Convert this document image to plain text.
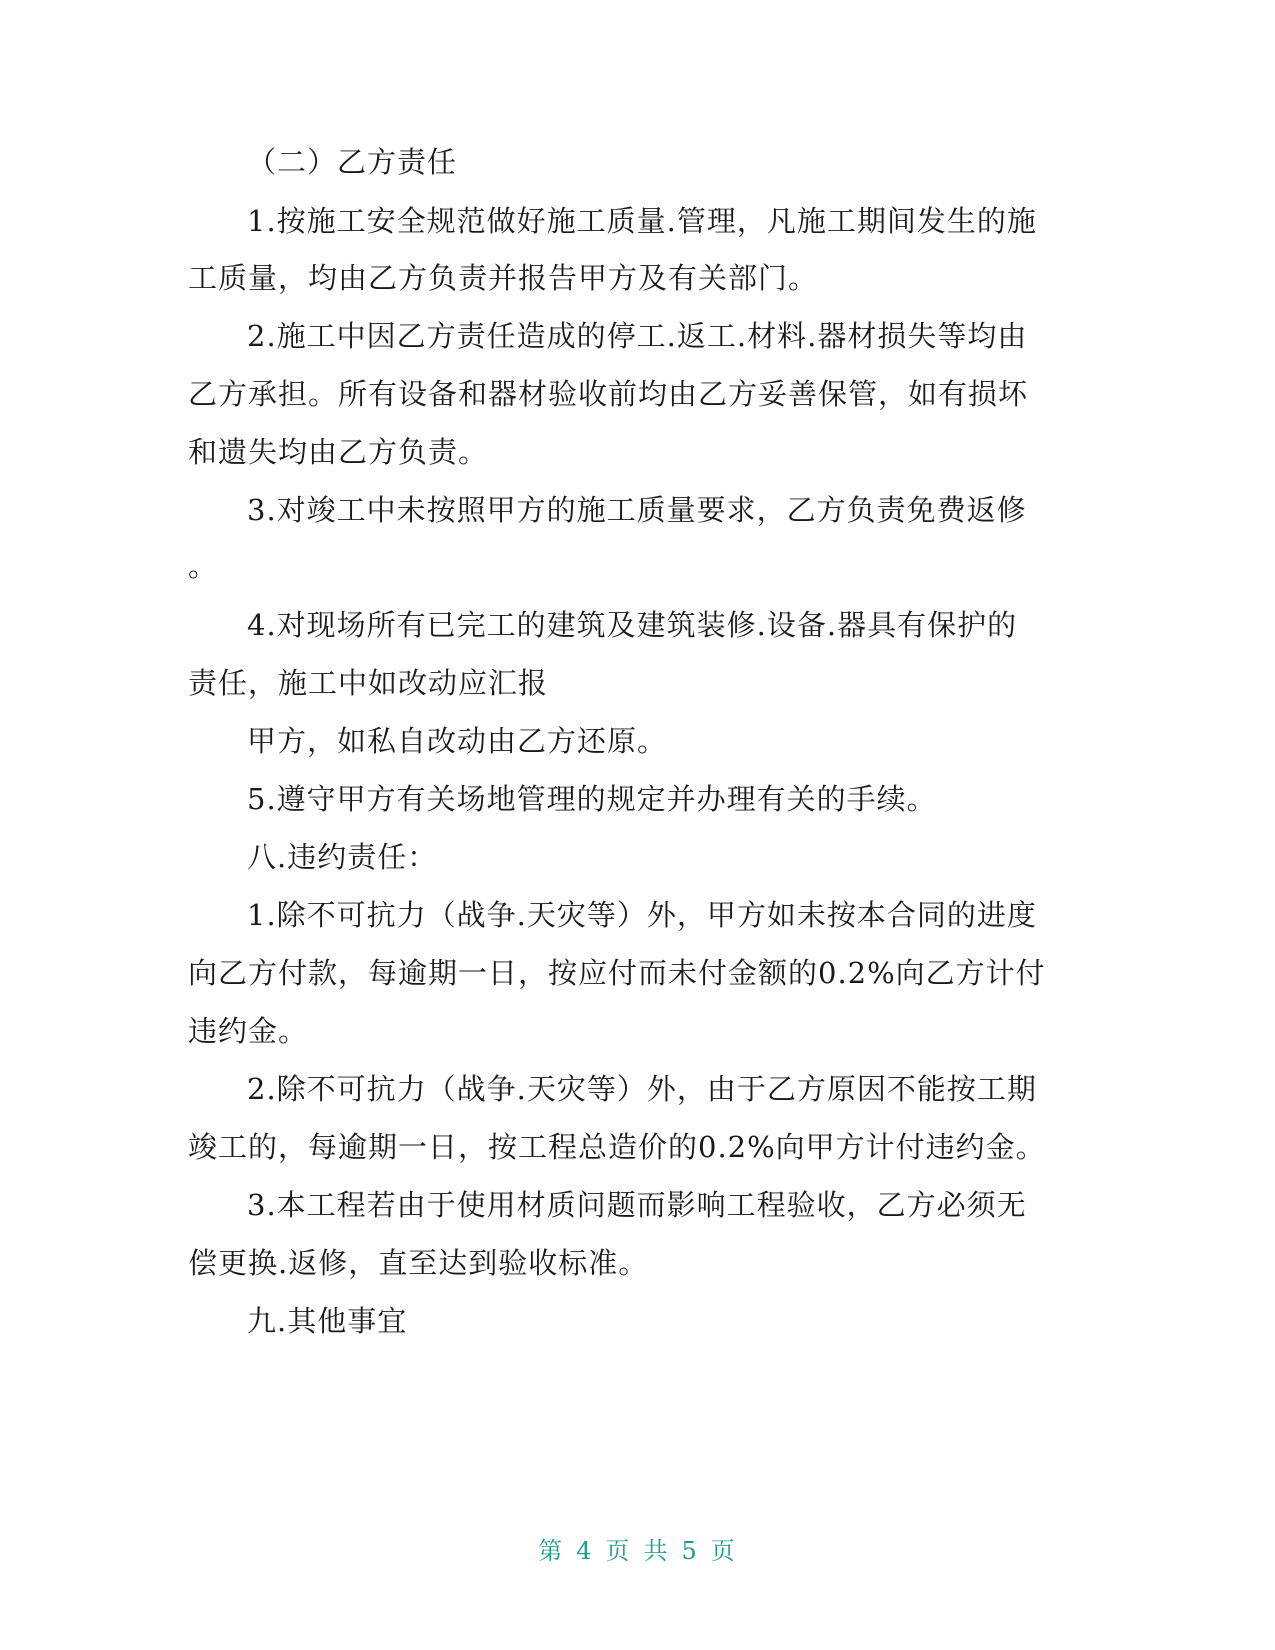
（二）乙方责任
1.按施工安全规范做好施工质量.管理，凡施工期间发生的施
工质量，均由乙方负责并报告甲方及有关部门。
2.施工中因乙方责任造成的停工.返工.材料.器材损失等均由
乙方承担。所有设备和器材验收前均由乙方妥善保管，如有损坏
和遗失均由乙方负责。
3.对竣工中未按照甲方的施工质量要求，乙方负责免费返修
。
4.对现场所有已完工的建筑及建筑装修.设备.器具有保护的
责任，施工中如改动应汇报
甲方，如私自改动由乙方还原。
5.遵守甲方有关场地管理的规定并办理有关的手续。
八.违约责任：
1.除不可抗力（战争.天灾等）外，甲方如未按本合同的进度
向乙方付款，每逾期一日，按应付而未付金额的0.2%向乙方计付
违约金。
2.除不可抗力（战争.天灾等）外，由于乙方原因不能按工期
竣工的，每逾期一日，按工程总造价的0.2%向甲方计付违约金。
3.本工程若由于使用材质问题而影响工程验收，乙方必须无
偿更换.返修，直至达到验收标准。
九.其他事宜
第 4 页 共 5 页
